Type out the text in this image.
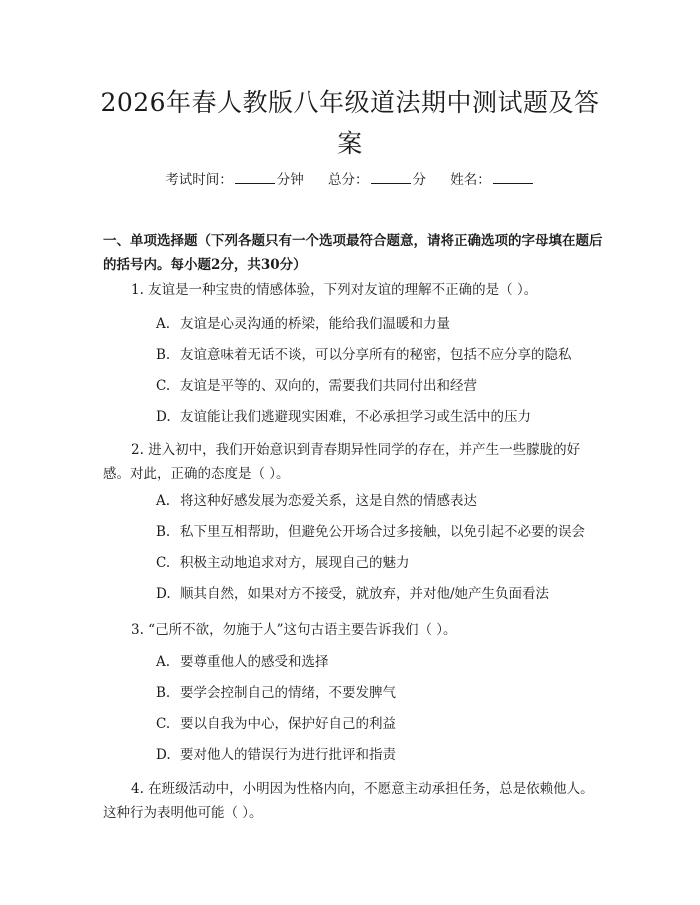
2026年春人教版八年级道法期中测试题及答案
考试时间：	分钟 总分：	分 姓名：
一、单项选择题（下列各题只有一个选项最符合题意，请将正确选项的字母填在题后的括号内。每小题2分，共30分）
1. 友谊是一种宝贵的情感体验，下列对友谊的理解不正确的是（ ）。
A. 友谊是心灵沟通的桥梁，能给我们温暖和力量
B. 友谊意味着无话不谈，可以分享所有的秘密，包括不应分享的隐私
C. 友谊是平等的、双向的，需要我们共同付出和经营
D. 友谊能让我们逃避现实困难，不必承担学习或生活中的压力
2. 进入初中，我们开始意识到青春期异性同学的存在，并产生一些朦胧的好感。对此，正确的态度是（ ）。
A. 将这种好感发展为恋爱关系，这是自然的情感表达
B. 私下里互相帮助，但避免公开场合过多接触，以免引起不必要的误会
C. 积极主动地追求对方，展现自己的魅力
D. 顺其自然，如果对方不接受，就放弃，并对他/她产生负面看法
3. “己所不欲，勿施于人”这句古语主要告诉我们（ ）。
A. 要尊重他人的感受和选择
B. 要学会控制自己的情绪，不要发脾气
C. 要以自我为中心，保护好自己的利益
D. 要对他人的错误行为进行批评和指责
4. 在班级活动中，小明因为性格内向，不愿意主动承担任务，总是依赖他人。这种行为表明他可能（ ）。
